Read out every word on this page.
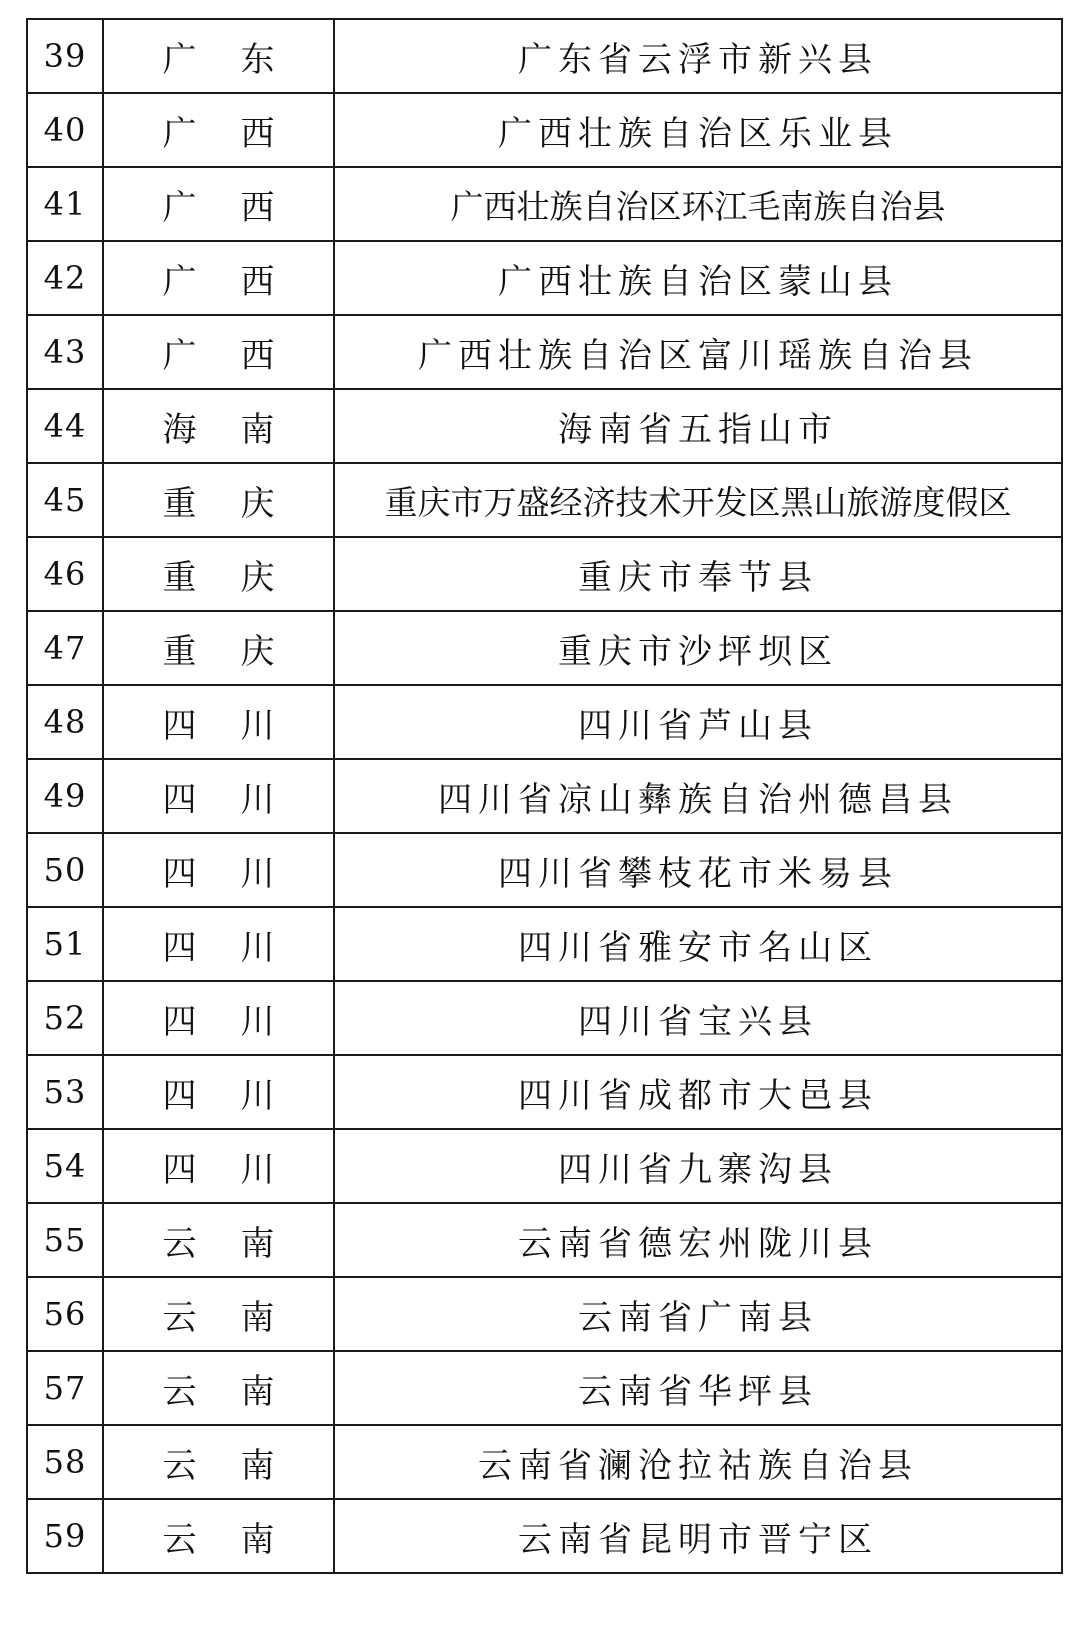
39	广 东	广东省云浮市新兴县
40	广 西	广西壮族自治区乐业县
41	广 西	广西壮族自治区环江毛南族自治县
42	广 西	广西壮族自治区蒙山县
43	广 西	广西壮族自治区富川瑶族自治县
44	海 南	海南省五指山市
45	重 庆	重庆市万盛经济技术开发区黑山旅游度假区
46	重 庆	重庆市奉节县
47	重 庆	重庆市沙坪坝区
48	四 川	四川省芦山县
49	四 川	四川省凉山彝族自治州德昌县
50	四 川	四川省攀枝花市米易县
51	四 川	四川省雅安市名山区
52	四 川	四川省宝兴县
53	四 川	四川省成都市大邑县
54	四 川	四川省九寨沟县
55	云 南	云南省德宏州陇川县
56	云 南	云南省广南县
57	云 南	云南省华坪县
58	云 南	云南省澜沧拉祜族自治县
59	云 南	云南省昆明市晋宁区
